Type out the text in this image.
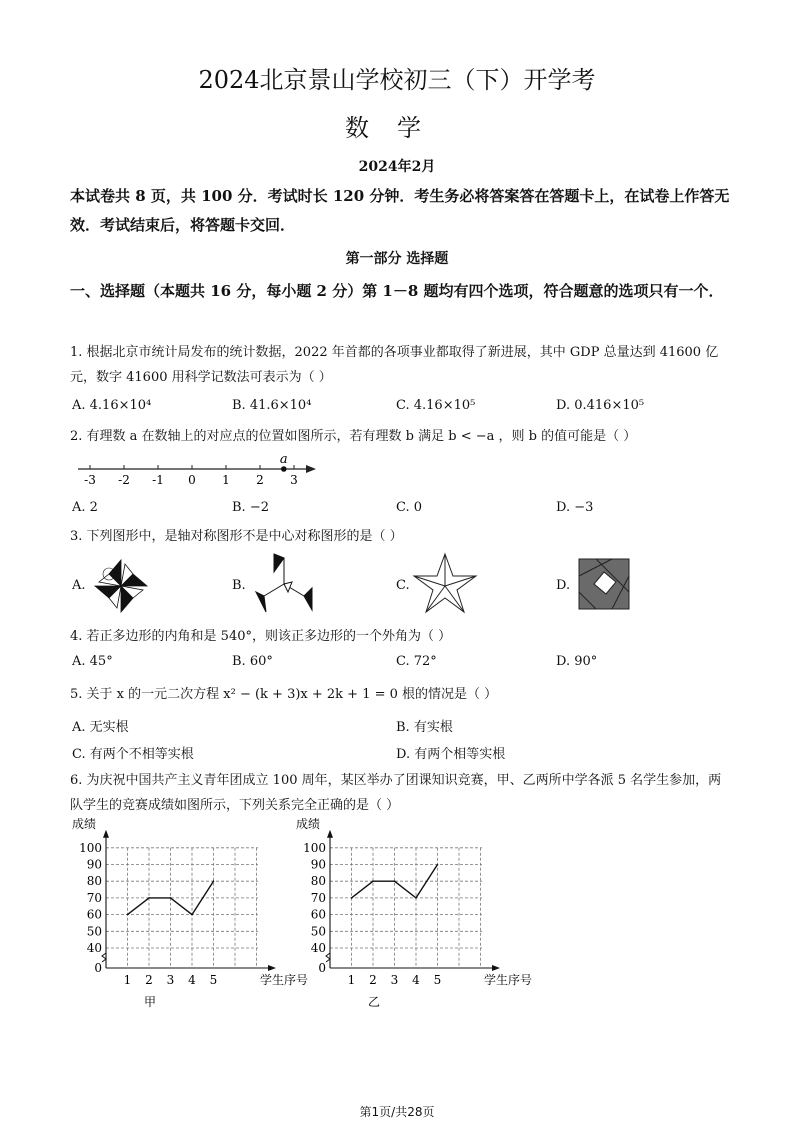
2024北京景山学校初三（下）开学考
数学
2024年2月
本试卷共 8 页，共 100 分．考试时长 120 分钟．考生务必将答案答在答题卡上，在试卷上作答无效．考试结束后，将答题卡交回．
第一部分 选择题
一、选择题（本题共 16 分，每小题 2 分）第 1－8 题均有四个选项，符合题意的选项只有一个．
1. 根据北京市统计局发布的统计数据，2022 年首都的各项事业都取得了新进展，其中 GDP 总量达到 41600 亿元，数字 41600 用科学记数法可表示为（ ）
A. 4.16×10⁴	B. 41.6×10⁴	C. 4.16×10⁵	D. 0.416×10⁵
2. 有理数 a 在数轴上的对应点的位置如图所示，若有理数 b 满足 b < −a ，则 b 的值可能是（ ）
-3 -2 -1 0 1 2 3
a
A. 2	B. −2	C. 0	D. −3
3. 下列图形中，是轴对称图形不是中心对称图形的是（ ）
A.	B.	C.	D.
4. 若正多边形的内角和是 540°，则该正多边形的一个外角为（ ）
A. 45°	B. 60°	C. 72°	D. 90°
5. 关于 x 的一元二次方程 x² − (k + 3)x + 2k + 1 = 0 根的情况是（ ）
A. 无实根	B. 有实根
C. 有两个不相等实根	D. 有两个相等实根
6. 为庆祝中国共产主义青年团成立 100 周年，某区举办了团课知识竞赛，甲、乙两所中学各派 5 名学生参加，两队学生的竞赛成绩如图所示，下列关系完全正确的是（ ）
0
40
50
60
70
80
90
100
1 2 3 4 5
成绩
学生序号
甲
0
40
50
60
70
80
90
100
1 2 3 4 5
成绩
学生序号
乙
第1页/共28页
